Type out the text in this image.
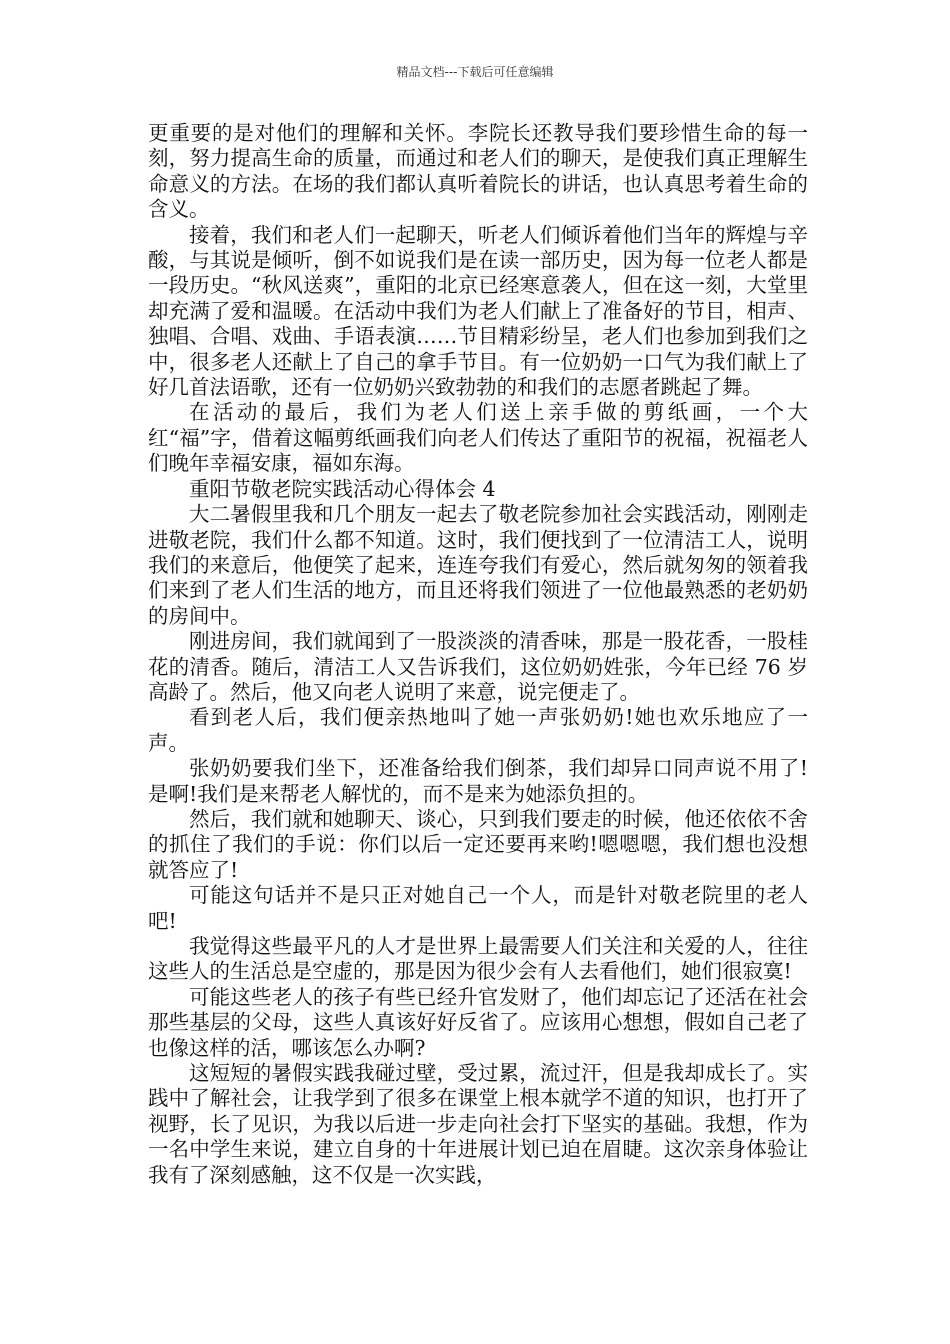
精品文档---下载后可任意编辑

更重要的是对他们的理解和关怀。李院长还教导我们要珍惜生命的每一刻，努力提高生命的质量，而通过和老人们的聊天，是使我们真正理解生命意义的方法。在场的我们都认真听着院长的讲话，也认真思考着生命的含义。

接着，我们和老人们一起聊天，听老人们倾诉着他们当年的辉煌与辛酸，与其说是倾听，倒不如说我们是在读一部历史，因为每一位老人都是一段历史。“秋风送爽”，重阳的北京已经寒意袭人，但在这一刻，大堂里却充满了爱和温暖。在活动中我们为老人们献上了准备好的节目，相声、独唱、合唱、戏曲、手语表演……节目精彩纷呈，老人们也参加到我们之中，很多老人还献上了自己的拿手节目。有一位奶奶一口气为我们献上了好几首法语歌，还有一位奶奶兴致勃勃的和我们的志愿者跳起了舞。

在活动的最后，我们为老人们送上亲手做的剪纸画，一个大红“福”字，借着这幅剪纸画我们向老人们传达了重阳节的祝福，祝福老人们晚年幸福安康，福如东海。

重阳节敬老院实践活动心得体会 4

大二暑假里我和几个朋友一起去了敬老院参加社会实践活动，刚刚走进敬老院，我们什么都不知道。这时，我们便找到了一位清洁工人，说明我们的来意后，他便笑了起来，连连夸我们有爱心，然后就匆匆的领着我们来到了老人们生活的地方，而且还将我们领进了一位他最熟悉的老奶奶的房间中。

刚进房间，我们就闻到了一股淡淡的清香味，那是一股花香，一股桂花的清香。随后，清洁工人又告诉我们，这位奶奶姓张，今年已经 76 岁高龄了。然后，他又向老人说明了来意，说完便走了。

看到老人后，我们便亲热地叫了她一声张奶奶!她也欢乐地应了一声。

张奶奶要我们坐下，还准备给我们倒茶，我们却异口同声说不用了!是啊!我们是来帮老人解忧的，而不是来为她添负担的。

然后，我们就和她聊天、谈心，只到我们要走的时候，他还依依不舍的抓住了我们的手说：你们以后一定还要再来哟!嗯嗯嗯，我们想也没想就答应了!

可能这句话并不是只正对她自己一个人，而是针对敬老院里的老人吧!

我觉得这些最平凡的人才是世界上最需要人们关注和关爱的人，往往这些人的生活总是空虚的，那是因为很少会有人去看他们，她们很寂寞!

可能这些老人的孩子有些已经升官发财了，他们却忘记了还活在社会那些基层的父母，这些人真该好好反省了。应该用心想想，假如自己老了也像这样的活，哪该怎么办啊?

这短短的暑假实践我碰过壁，受过累，流过汗，但是我却成长了。实践中了解社会，让我学到了很多在课堂上根本就学不道的知识，也打开了视野，长了见识，为我以后进一步走向社会打下坚实的基础。我想，作为一名中学生来说，建立自身的十年进展计划已迫在眉睫。这次亲身体验让我有了深刻感触，这不仅是一次实践，
